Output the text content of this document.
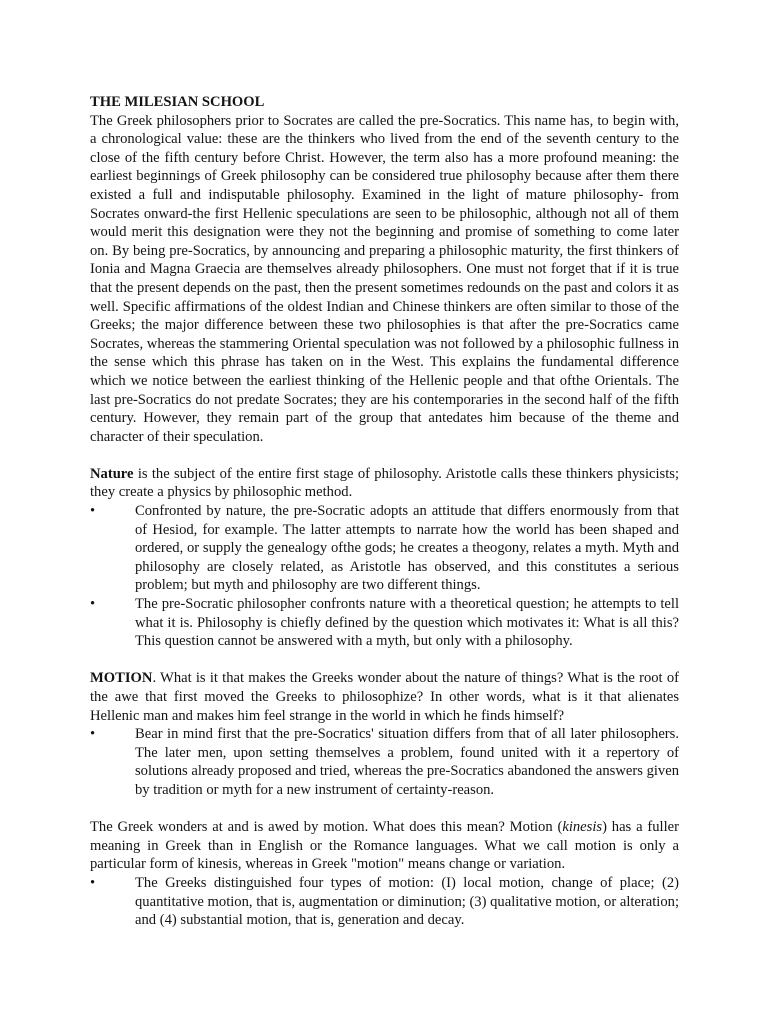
THE MILESIAN SCHOOL

The Greek philosophers prior to Socrates are called the pre-Socratics. This name has, to begin with, a chronological value: these are the thinkers who lived from the end of the seventh century to the close of the fifth century before Christ. However, the term also has a more profound meaning: the earliest beginnings of Greek philosophy can be considered true philosophy because after them there existed a full and indisputable philosophy. Examined in the light of mature philosophy- from Socrates onward-the first Hellenic speculations are seen to be philosophic, although not all of them would merit this designation were they not the beginning and promise of something to come later on. By being pre-Socratics, by announcing and preparing a philosophic maturity, the first thinkers of Ionia and Magna Graecia are themselves already philosophers. One must not forget that if it is true that the present depends on the past, then the present sometimes redounds on the past and colors it as well. Specific affirmations of the oldest Indian and Chinese thinkers are often similar to those of the Greeks; the major difference between these two philosophies is that after the pre-Socratics came Socrates, whereas the stammering Oriental speculation was not followed by a philosophic fullness in the sense which this phrase has taken on in the West. This explains the fundamental difference which we notice between the earliest thinking of the Hellenic people and that ofthe Orientals. The last pre-Socratics do not predate Socrates; they are his contemporaries in the second half of the fifth century. However, they remain part of the group that antedates him because of the theme and character of their speculation.

Nature is the subject of the entire first stage of philosophy. Aristotle calls these thinkers physicists; they create a physics by philosophic method.

•	Confronted by nature, the pre-Socratic adopts an attitude that differs enormously from that of Hesiod, for example. The latter attempts to narrate how the world has been shaped and ordered, or supply the genealogy ofthe gods; he creates a theogony, relates a myth. Myth and philosophy are closely related, as Aristotle has observed, and this constitutes a serious problem; but myth and philosophy are two different things.
•	The pre-Socratic philosopher confronts nature with a theoretical question; he attempts to tell what it is. Philosophy is chiefly defined by the question which motivates it: What is all this? This question cannot be answered with a myth, but only with a philosophy.

MOTION. What is it that makes the Greeks wonder about the nature of things? What is the root of the awe that first moved the Greeks to philosophize? In other words, what is it that alienates Hellenic man and makes him feel strange in the world in which he finds himself?

•	Bear in mind first that the pre-Socratics' situation differs from that of all later philosophers. The later men, upon setting themselves a problem, found united with it a repertory of solutions already proposed and tried, whereas the pre-Socratics abandoned the answers given by tradition or myth for a new instrument of certainty-reason.

The Greek wonders at and is awed by motion. What does this mean? Motion (kinesis) has a fuller meaning in Greek than in English or the Romance languages. What we call motion is only a particular form of kinesis, whereas in Greek "motion" means change or variation.

•	The Greeks distinguished four types of motion: (I) local motion, change of place; (2) quantitative motion, that is, augmentation or diminution; (3) qualitative motion, or alteration; and (4) substantial motion, that is, generation and decay.
